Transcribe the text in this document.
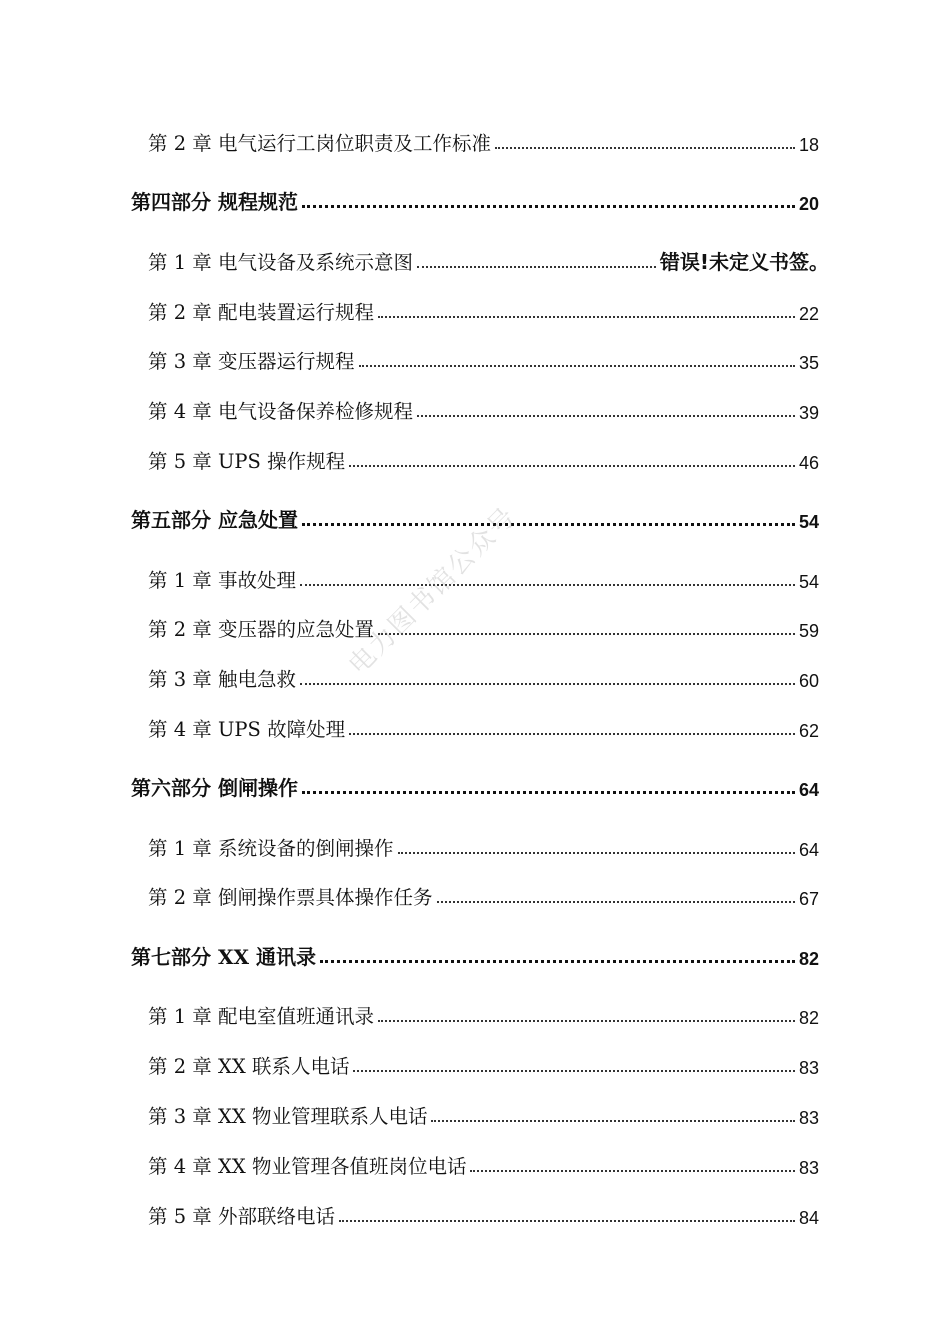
第 2 章 电气运行工岗位职责及工作标准	18
第四部分 规程规范	20
第 1 章 电气设备及系统示意图	错误!未定义书签。
第 2 章 配电装置运行规程	22
第 3 章 变压器运行规程	35
第 4 章 电气设备保养检修规程	39
第 5 章 UPS 操作规程	46
第五部分 应急处置	54
第 1 章 事故处理	54
第 2 章 变压器的应急处置	59
第 3 章 触电急救	60
第 4 章 UPS 故障处理	62
第六部分 倒闸操作	64
第 1 章 系统设备的倒闸操作	64
第 2 章 倒闸操作票具体操作任务	67
第七部分 XX 通讯录	82
第 1 章 配电室值班通讯录	82
第 2 章 XX 联系人电话	83
第 3 章 XX 物业管理联系人电话	83
第 4 章 XX 物业管理各值班岗位电话	83
第 5 章 外部联络电话	84
电力图书馆公众号
